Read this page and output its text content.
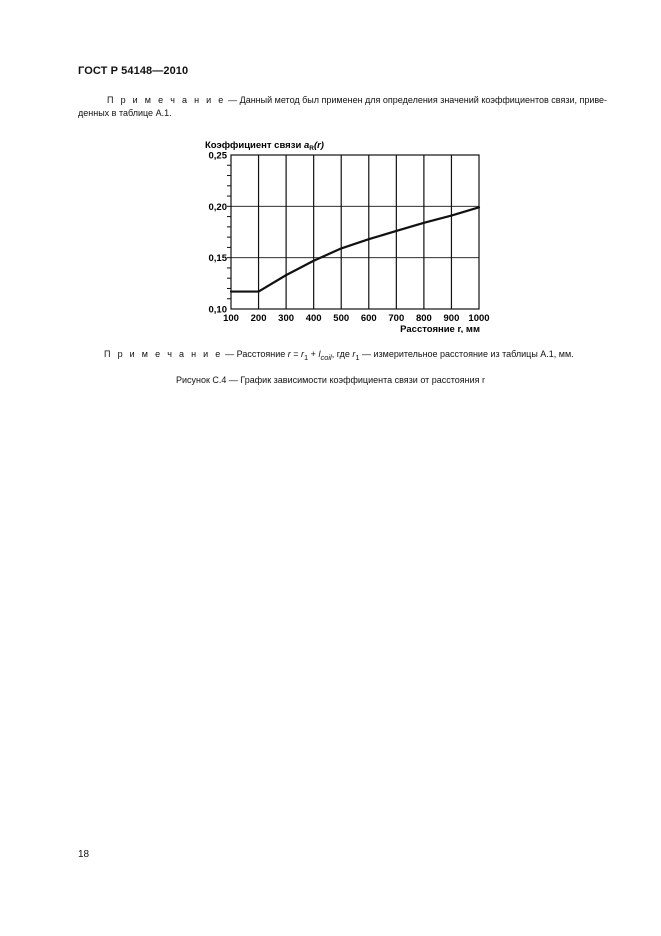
ГОСТ Р 54148—2010
П р и м е ч а н и е — Данный метод был применен для определения значений коэффициентов связи, приве-
денных в таблице А.1.
0,10
0,15
0,20
0,25
100 200 300 400 500 600 700 800 900 1000
Коэффициент связи $a_R(r)$
Расстояние r, мм
П р и м е ч а н и е — Расстояние $r = r_1 + l_{coil}$, где $r_1$ — измерительное расстояние из таблицы А.1, мм.
Рисунок С.4 — График зависимости коэффициента связи от расстояния r
18
